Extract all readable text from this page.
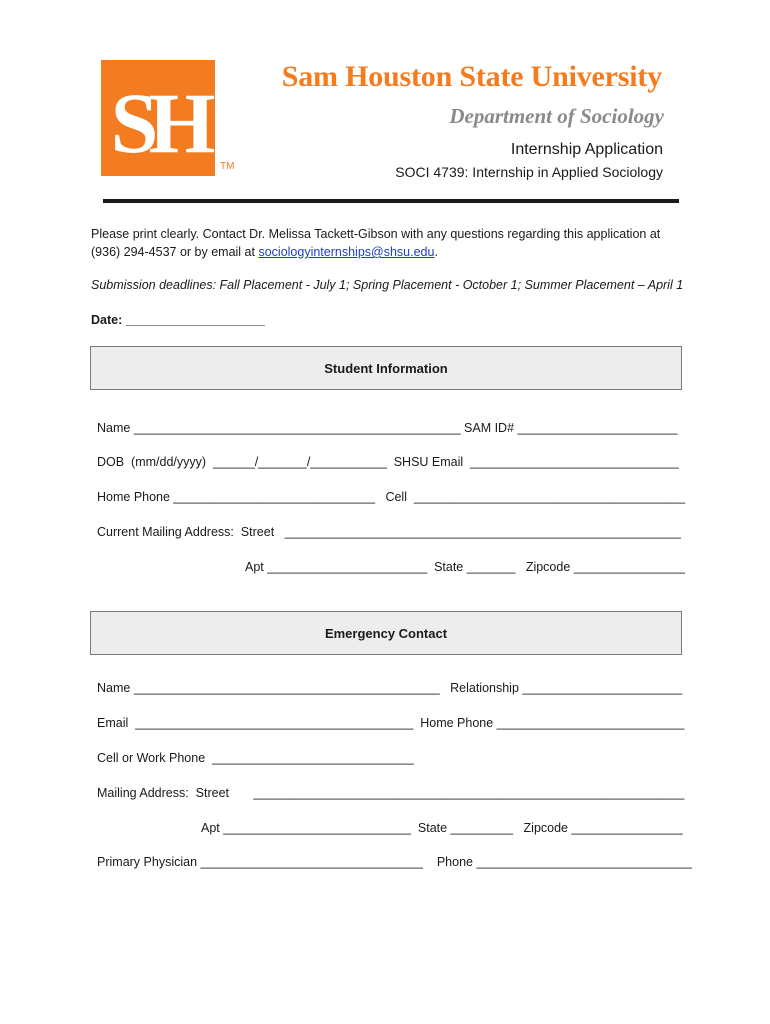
SH	TM
Sam Houston State University
Department of Sociology
Internship Application
SOCI 4739: Internship in Applied Sociology
Please print clearly. Contact Dr. Melissa Tackett-Gibson with any questions regarding this application at (936) 294-4537 or by email at sociologyinternships@shsu.edu.
Submission deadlines: Fall Placement - July 1; Spring Placement - October 1; Summer Placement – April 1
Date: ____________________
Student Information
Name _______________________________________________ SAM ID# _______________________
DOB  (mm/dd/yyyy)  ______/_______/___________  SHSU Email  ______________________________
Home Phone _____________________________   Cell  _______________________________________
Current Mailing Address:  Street   _________________________________________________________
Apt _______________________  State _______   Zipcode ________________
Emergency Contact
Name ____________________________________________   Relationship _______________________
Email  ________________________________________  Home Phone ___________________________
Cell or Work Phone  _____________________________
Mailing Address:  Street       ______________________________________________________________
Apt ___________________________  State _________   Zipcode ________________
Primary Physician ________________________________    Phone _______________________________
